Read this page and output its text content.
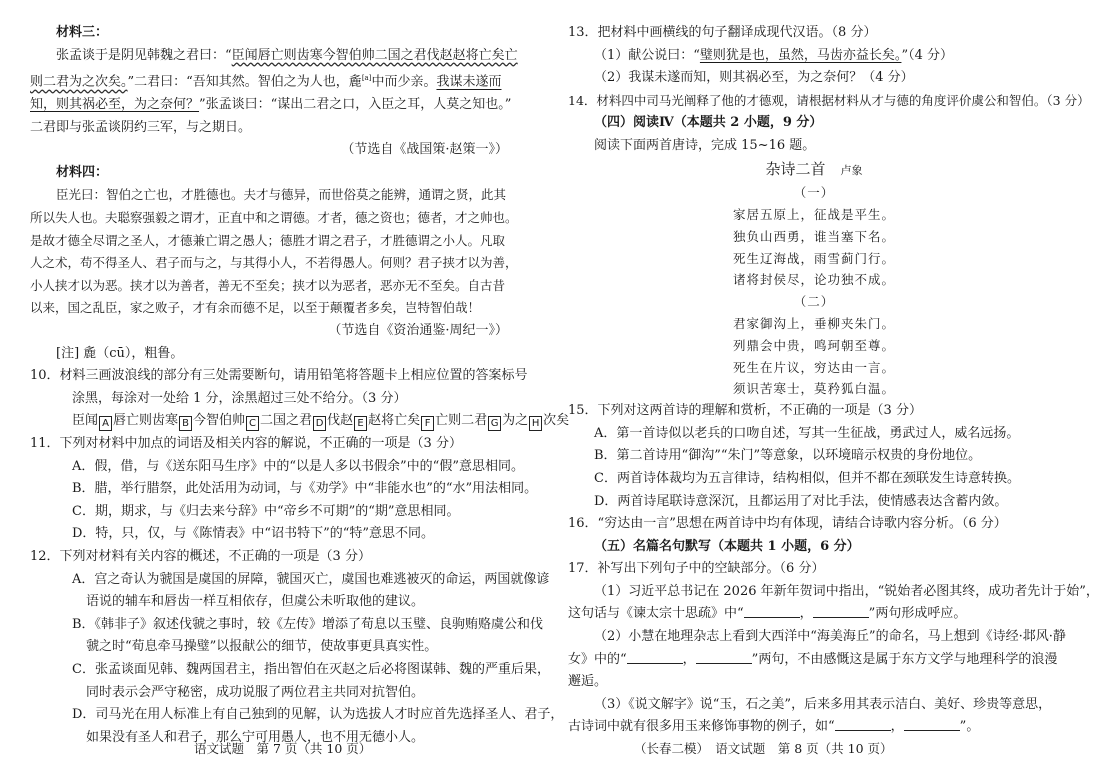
材料三：
张孟谈于是阴见韩魏之君曰：“臣闻唇亡则齿寒今智伯帅二国之君伐赵赵将亡矣亡
则二君为之次矣。”二君曰：“吾知其然。智伯之为人也，麁[a]中而少亲。我谋未遂而
知，则其祸必至，为之奈何？”张孟谈曰：“谋出二君之口，入臣之耳，人莫之知也。”
二君即与张孟谈阴约三军，与之期日。
（节选自《战国策·赵策一》）
材料四：
臣光曰：智伯之亡也，才胜德也。夫才与德异，而世俗莫之能辨，通谓之贤，此其
所以失人也。夫聪察强毅之谓才，正直中和之谓德。才者，德之资也；德者，才之帅也。
是故才德全尽谓之圣人，才德兼亡谓之愚人；德胜才谓之君子，才胜德谓之小人。凡取
人之术，苟不得圣人、君子而与之，与其得小人，不若得愚人。何则？君子挟才以为善，
小人挟才以为恶。挟才以为善者，善无不至矣；挟才以为恶者，恶亦无不至矣。自古昔
以来，国之乱臣，家之败子，才有余而德不足，以至于颠覆者多矣，岂特智伯哉！
（节选自《资治通鉴·周纪一》）
[注] 麁（cū），粗鲁。
10．材料三画波浪线的部分有三处需要断句，请用铅笔将答题卡上相应位置的答案标号
涂黑，每涂对一处给 1 分，涂黑超过三处不给分。（3 分）
臣闻 A 唇亡则齿寒 B 今智伯帅 C 二国之君 D 伐赵 E 赵将亡矣 F 亡则二君 G 为之 H 次矣
11．下列对材料中加点的词语及相关内容的解说，不正确的一项是（3 分）
A．假，借，与《送东阳马生序》中的“以是人多以书假余”中的“假”意思相同。
B．腊，举行腊祭，此处活用为动词，与《劝学》中“非能水也”的“水”用法相同。
C．期，期求，与《归去来兮辞》中“帝乡不可期”的“期”意思相同。
D．特，只，仅，与《陈情表》中“诏书特下”的“特”意思不同。
12．下列对材料有关内容的概述，不正确的一项是（3 分）
A．宫之奇认为虢国是虞国的屏障，虢国灭亡，虞国也难逃被灭的命运，两国就像谚
语说的辅车和唇齿一样互相依存，但虞公未听取他的建议。
B．《韩非子》叙述伐虢之事时，较《左传》增添了荀息以玉璧、良驹贿赂虞公和伐
虢之时“荀息牵马操璧”以报献公的细节，使故事更具真实性。
C．张孟谈面见韩、魏两国君主，指出智伯在灭赵之后必将图谋韩、魏的严重后果，
同时表示会严守秘密，成功说服了两位君主共同对抗智伯。
D．司马光在用人标准上有自己独到的见解，认为选拔人才时应首先选择圣人、君子，
如果没有圣人和君子，那么宁可用愚人，也不用无德小人。
语文试题　第 7 页（共 10 页）
13．把材料中画横线的句子翻译成现代汉语。（8 分）
（1）献公说曰：“璧则犹是也，虽然，马齿亦益长矣。”（4 分）
（2）我谋未遂而知，则其祸必至，为之奈何？（4 分）
14．材料四中司马光阐释了他的才德观，请根据材料从才与德的角度评价虞公和智伯。（3 分）
（四）阅读Ⅳ（本题共 2 小题，9 分）
阅读下面两首唐诗，完成 15~16 题。
杂诗二首　 卢象
（一）
家居五原上，征战是平生。
独负山西勇，谁当塞下名。
死生辽海战，雨雪蓟门行。
诸将封侯尽，论功独不成。
（二）
君家御沟上，垂柳夹朱门。
列鼎会中贵，鸣珂朝至尊。
死生在片议，穷达由一言。
须识苦寒士，莫矜狐白温。
15．下列对这两首诗的理解和赏析，不正确的一项是（3 分）
A．第一首诗似以老兵的口吻自述，写其一生征战，勇武过人，威名远扬。
B．第二首诗用“御沟”“朱门”等意象，以环境暗示权贵的身份地位。
C．两首诗体裁均为五言律诗，结构相似，但并不都在颈联发生诗意转换。
D．两首诗尾联诗意深沉，且都运用了对比手法，使情感表达含蓄内敛。
16．“穷达由一言”思想在两首诗中均有体现，请结合诗歌内容分析。（6 分）
（五）名篇名句默写（本题共 1 小题，6 分）
17．补写出下列句子中的空缺部分。（6 分）
（1）习近平总书记在 2026 年新年贺词中指出，“锐始者必图其终，成功者先计于始”，
这句话与《谏太宗十思疏》中“	，	”两句形成呼应。
（2）小慧在地理杂志上看到大西洋中“海美海丘”的命名，马上想到《诗经·邶风·静
女》中的“	，	”两句，不由感慨这是属于东方文学与地理科学的浪漫
邂逅。
（3）《说文解字》说“玉，石之美”，后来多用其表示洁白、美好、珍贵等意思，
古诗词中就有很多用玉来修饰事物的例子，如“	，	”。
（长春二模）　语文试题　第 8 页（共 10 页）
